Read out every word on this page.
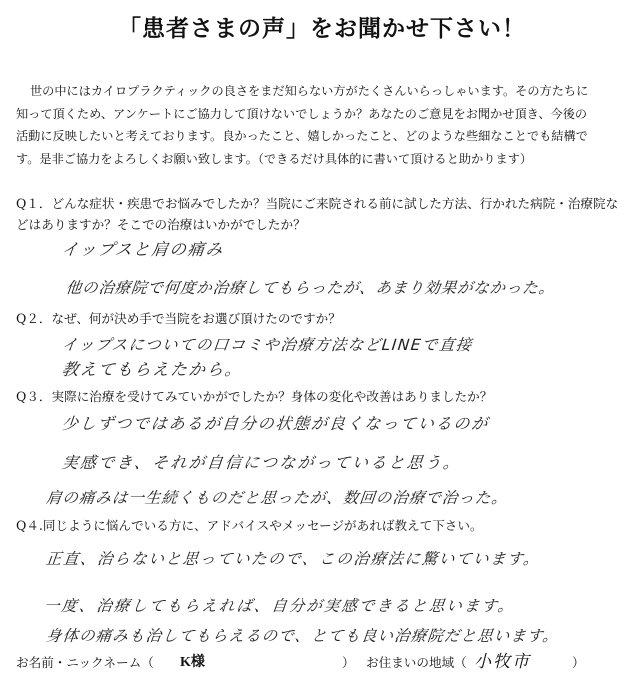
「患者さまの声」をお聞かせ下さい！

世の中にはカイロプラクティックの良さをまだ知らない方がたくさんいらっしゃいます。その方たちに

知って頂くため、アンケートにご協力して頂けないでしょうか？あなたのご意見をお聞かせ頂き、今後の

活動に反映したいと考えております。良かったこと、嬉しかったこと、どのような些細なことでも結構で

す。是非ご協力をよろしくお願い致します。（できるだけ具体的に書いて頂けると助かります）

Q１．どんな症状・疾患でお悩みでしたか？当院にご来院される前に試した方法、行かれた病院・治療院な

どはありますか？そこでの治療はいかがでしたか？

イップスと肩の痛み
他の治療院で何度か治療してもらったが、あまり効果がなかった。

Q２．なぜ、何が決め手で当院をお選び頂けたのですか？

イップスについての口コミや治療方法などLINEで直接
教えてもらえたから。

Q３．実際に治療を受けてみていかがでしたか？身体の変化や改善はありましたか？

少しずつではあるが自分の状態が良くなっているのが
実感でき、それが自信につながっていると思う。
肩の痛みは一生続くものだと思ったが、数回の治療で治った。

Q４.同じように悩んでいる方に、アドバイスやメッセージがあれば教えて下さい。

正直、治らないと思っていたので、この治療法に驚いています。
一度、治療してもらえれば、自分が実感できると思います。
身体の痛みも治してもらえるので、とても良い治療院だと思います。
お名前・ニックネーム（ K様	） お住まいの地域（ 小牧市	）
